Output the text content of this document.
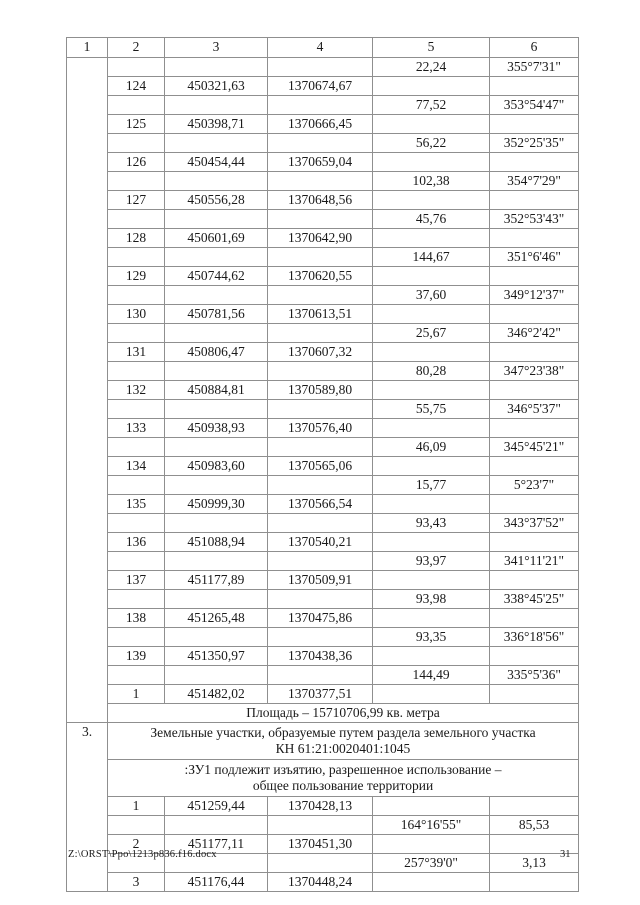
1	2	3	4	5	6
				22,24	355°7'31"
	124	450321,63	1370674,67		
				77,52	353°54'47"
	125	450398,71	1370666,45		
				56,22	352°25'35"
	126	450454,44	1370659,04		
				102,38	354°7'29"
	127	450556,28	1370648,56		
				45,76	352°53'43"
	128	450601,69	1370642,90		
				144,67	351°6'46"
	129	450744,62	1370620,55		
				37,60	349°12'37"
	130	450781,56	1370613,51		
				25,67	346°2'42"
	131	450806,47	1370607,32		
				80,28	347°23'38"
	132	450884,81	1370589,80		
				55,75	346°5'37"
	133	450938,93	1370576,40		
				46,09	345°45'21"
	134	450983,60	1370565,06		
				15,77	5°23'7"
	135	450999,30	1370566,54		
				93,43	343°37'52"
	136	451088,94	1370540,21		
				93,97	341°11'21"
	137	451177,89	1370509,91		
				93,98	338°45'25"
	138	451265,48	1370475,86		
				93,35	336°18'56"
	139	451350,97	1370438,36		
				144,49	335°5'36"
	1	451482,02	1370377,51		
	Площадь – 15710706,99 кв. метра				
3.	Земельные участки, образуемые путем раздела земельного участка
КН 61:21:0020401:1045				
	:ЗУ1 подлежит изъятию, разрешенное использование –
общее пользование территории				
	1	451259,44	1370428,13		
				164°16'55"	85,53
	2	451177,11	1370451,30		
				257°39'0"	3,13
	3	451176,44	1370448,24		
Z:\ORST\Ppo\1213p836.f16.docx	31
